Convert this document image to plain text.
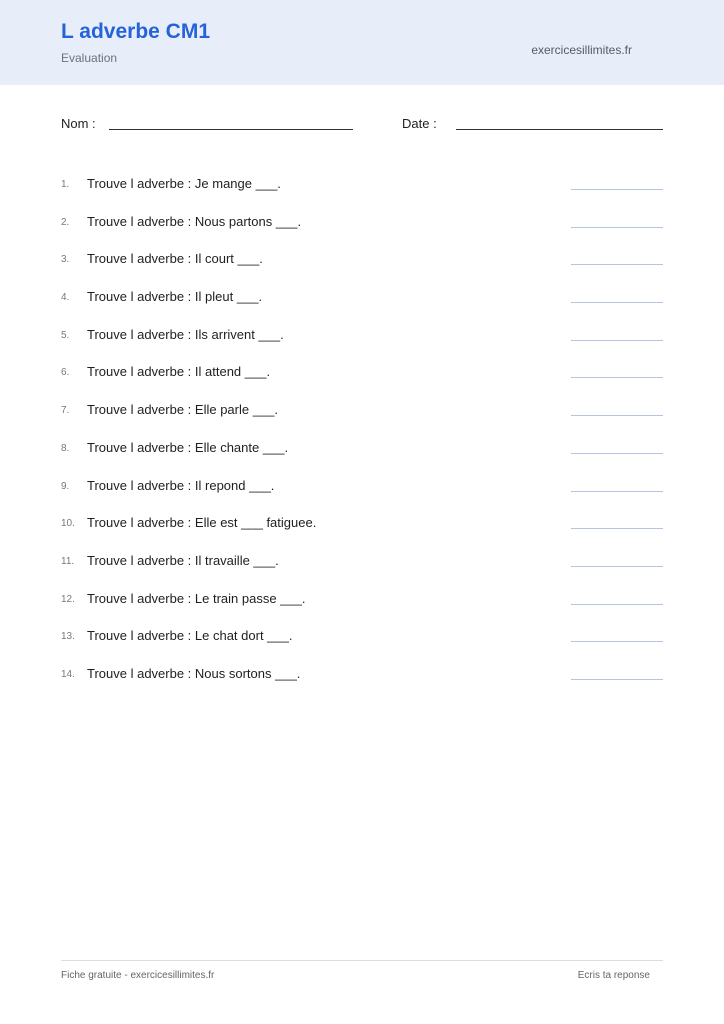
L adverbe CM1
Evaluation
exercicesillimites.fr
Nom :	Date :
1.	Trouve l adverbe : Je mange ___.
2.	Trouve l adverbe : Nous partons ___.
3.	Trouve l adverbe : Il court ___.
4.	Trouve l adverbe : Il pleut ___.
5.	Trouve l adverbe : Ils arrivent ___.
6.	Trouve l adverbe : Il attend ___.
7.	Trouve l adverbe : Elle parle ___.
8.	Trouve l adverbe : Elle chante ___.
9.	Trouve l adverbe : Il repond ___.
10. Trouve l adverbe : Elle est ___ fatiguee.
11. Trouve l adverbe : Il travaille ___.
12. Trouve l adverbe : Le train passe ___.
13. Trouve l adverbe : Le chat dort ___.
14. Trouve l adverbe : Nous sortons ___.
Fiche gratuite - exercicesillimites.fr	Ecris ta reponse
